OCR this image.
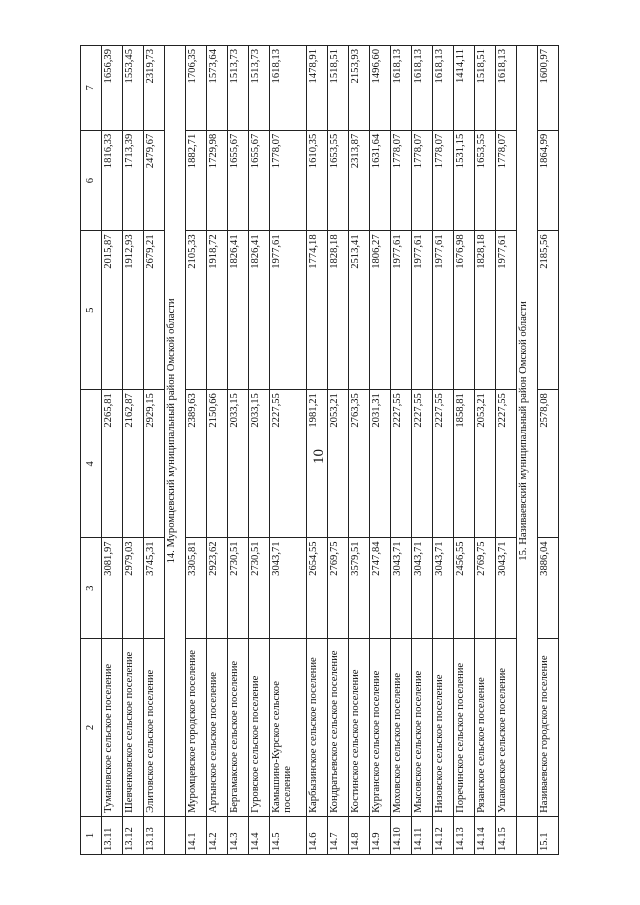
10
1	2	3	4	5	6	7
13.11	Тумановское сельское поселение	3081,97	2265,81	2015,87	1816,33	1656,39
13.12	Шевченковское сельское поселение	2979,03	2162,87	1912,93	1713,39	1553,45
13.13	Элитовское сельское поселение	3745,31	2929,15	2679,21	2479,67	2319,73
	14. Муромцевский муниципальный район Омской области					
14.1	Муромцевское городское поселение	3305,81	2389,63	2105,33	1882,71	1706,35
14.2	Артынское сельское поселение	2923,62	2150,66	1918,72	1729,98	1573,64
14.3	Бергамакское сельское поселение	2730,51	2033,15	1826,41	1655,67	1513,73
14.4	Гуровское сельское поселение	2730,51	2033,15	1826,41	1655,67	1513,73
14.5	Камышино-Курское сельское поселение	3043,71	2227,55	1977,61	1778,07	1618,13
14.6	Карбызинское сельское поселение	2654,55	1981,21	1774,18	1610,35	1478,91
14.7	Кондратьевское сельское поселение	2769,75	2053,21	1828,18	1653,55	1518,51
14.8	Костинское сельское поселение	3579,51	2763,35	2513,41	2313,87	2153,93
14.9	Курганское сельское поселение	2747,84	2031,31	1806,27	1631,64	1496,60
14.10	Моховское сельское поселение	3043,71	2227,55	1977,61	1778,07	1618,13
14.11	Мысовское сельское поселение	3043,71	2227,55	1977,61	1778,07	1618,13
14.12	Низовское сельское поселение	3043,71	2227,55	1977,61	1778,07	1618,13
14.13	Поречинское сельское поселение	2456,55	1858,81	1676,98	1531,15	1414,11
14.14	Рязанское сельское поселение	2769,75	2053,21	1828,18	1653,55	1518,51
14.15	Ушаковское сельское поселение	3043,71	2227,55	1977,61	1778,07	1618,13
	15. Називаевский муниципальный район Омской области					
15.1	Називаевское городское поселение	3886,04	2578,08	2185,56	1864,99	1600,97
